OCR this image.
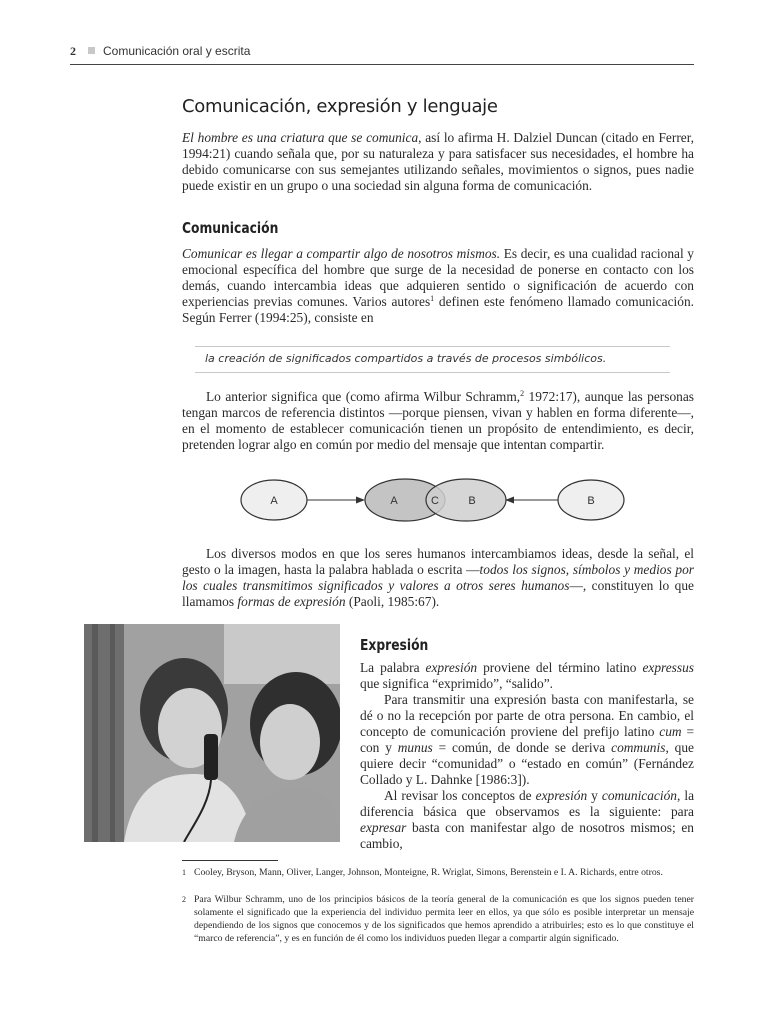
2 Comunicación oral y escrita
Comunicación, expresión y lenguaje

El hombre es una criatura que se comunica, así lo afirma H. Dalziel Duncan (citado en Ferrer, 1994:21) cuando señala que, por su naturaleza y para satisfacer sus necesidades, el hombre ha debido comunicarse con sus semejantes utilizando señales, movimientos o signos, pues nadie puede existir en un grupo o una sociedad sin alguna forma de comunicación.

Comunicación

Comunicar es llegar a compartir algo de nosotros mismos. Es decir, es una cualidad racional y emocional específica del hombre que surge de la necesidad de ponerse en contacto con los demás, cuando intercambia ideas que adquieren sentido o significación de acuerdo con experiencias previas comunes. Varios autores$^1$ definen este fenómeno llamado comunicación. Según Ferrer (1994:25), consiste en

la creación de significados compartidos a través de procesos simbólicos.

Lo anterior significa que (como afirma Wilbur Schramm,$^2$ 1972:17), aunque las personas tengan marcos de referencia distintos —porque piensen, vivan y hablen en forma diferente—, en el momento de establecer comunicación tienen un propósito de entendimiento, es decir, pretenden lograr algo en común por medio del mensaje que intentan compartir.

A	A	C	B	B

Los diversos modos en que los seres humanos intercambiamos ideas, desde la señal, el gesto o la imagen, hasta la palabra hablada o escrita —todos los signos, símbolos y medios por los cuales transmitimos significados y valores a otros seres humanos—, constituyen lo que llamamos formas de expresión (Paoli, 1985:67).

Expresión

La palabra expresión proviene del término latino expressus que significa “exprimido”, “salido”.

Para transmitir una expresión basta con manifestarla, se dé o no la recepción por parte de otra persona. En cambio, el concepto de comunicación proviene del prefijo latino cum = con y munus = común, de donde se deriva communis, que quiere decir “comunidad” o “estado en común” (Fernández Collado y L. Dahnke [1986:3]).

Al revisar los conceptos de expresión y comunicación, la diferencia básica que observamos es la siguiente: para expresar basta con manifestar algo de nosotros mismos; en cambio,

1 Cooley, Bryson, Mann, Oliver, Langer, Johnson, Monteigne, R. Wriglat, Simons, Berenstein e I. A. Richards, entre otros.

2 Para Wilbur Schramm, uno de los principios básicos de la teoría general de la comunicación es que los signos pueden tener solamente el significado que la experiencia del individuo permita leer en ellos, ya que sólo es posible interpretar un mensaje dependiendo de los signos que conocemos y de los significados que hemos aprendido a atribuirles; esto es lo que constituye el “marco de referencia”, y es en función de él como los individuos pueden llegar a compartir algún significado.
